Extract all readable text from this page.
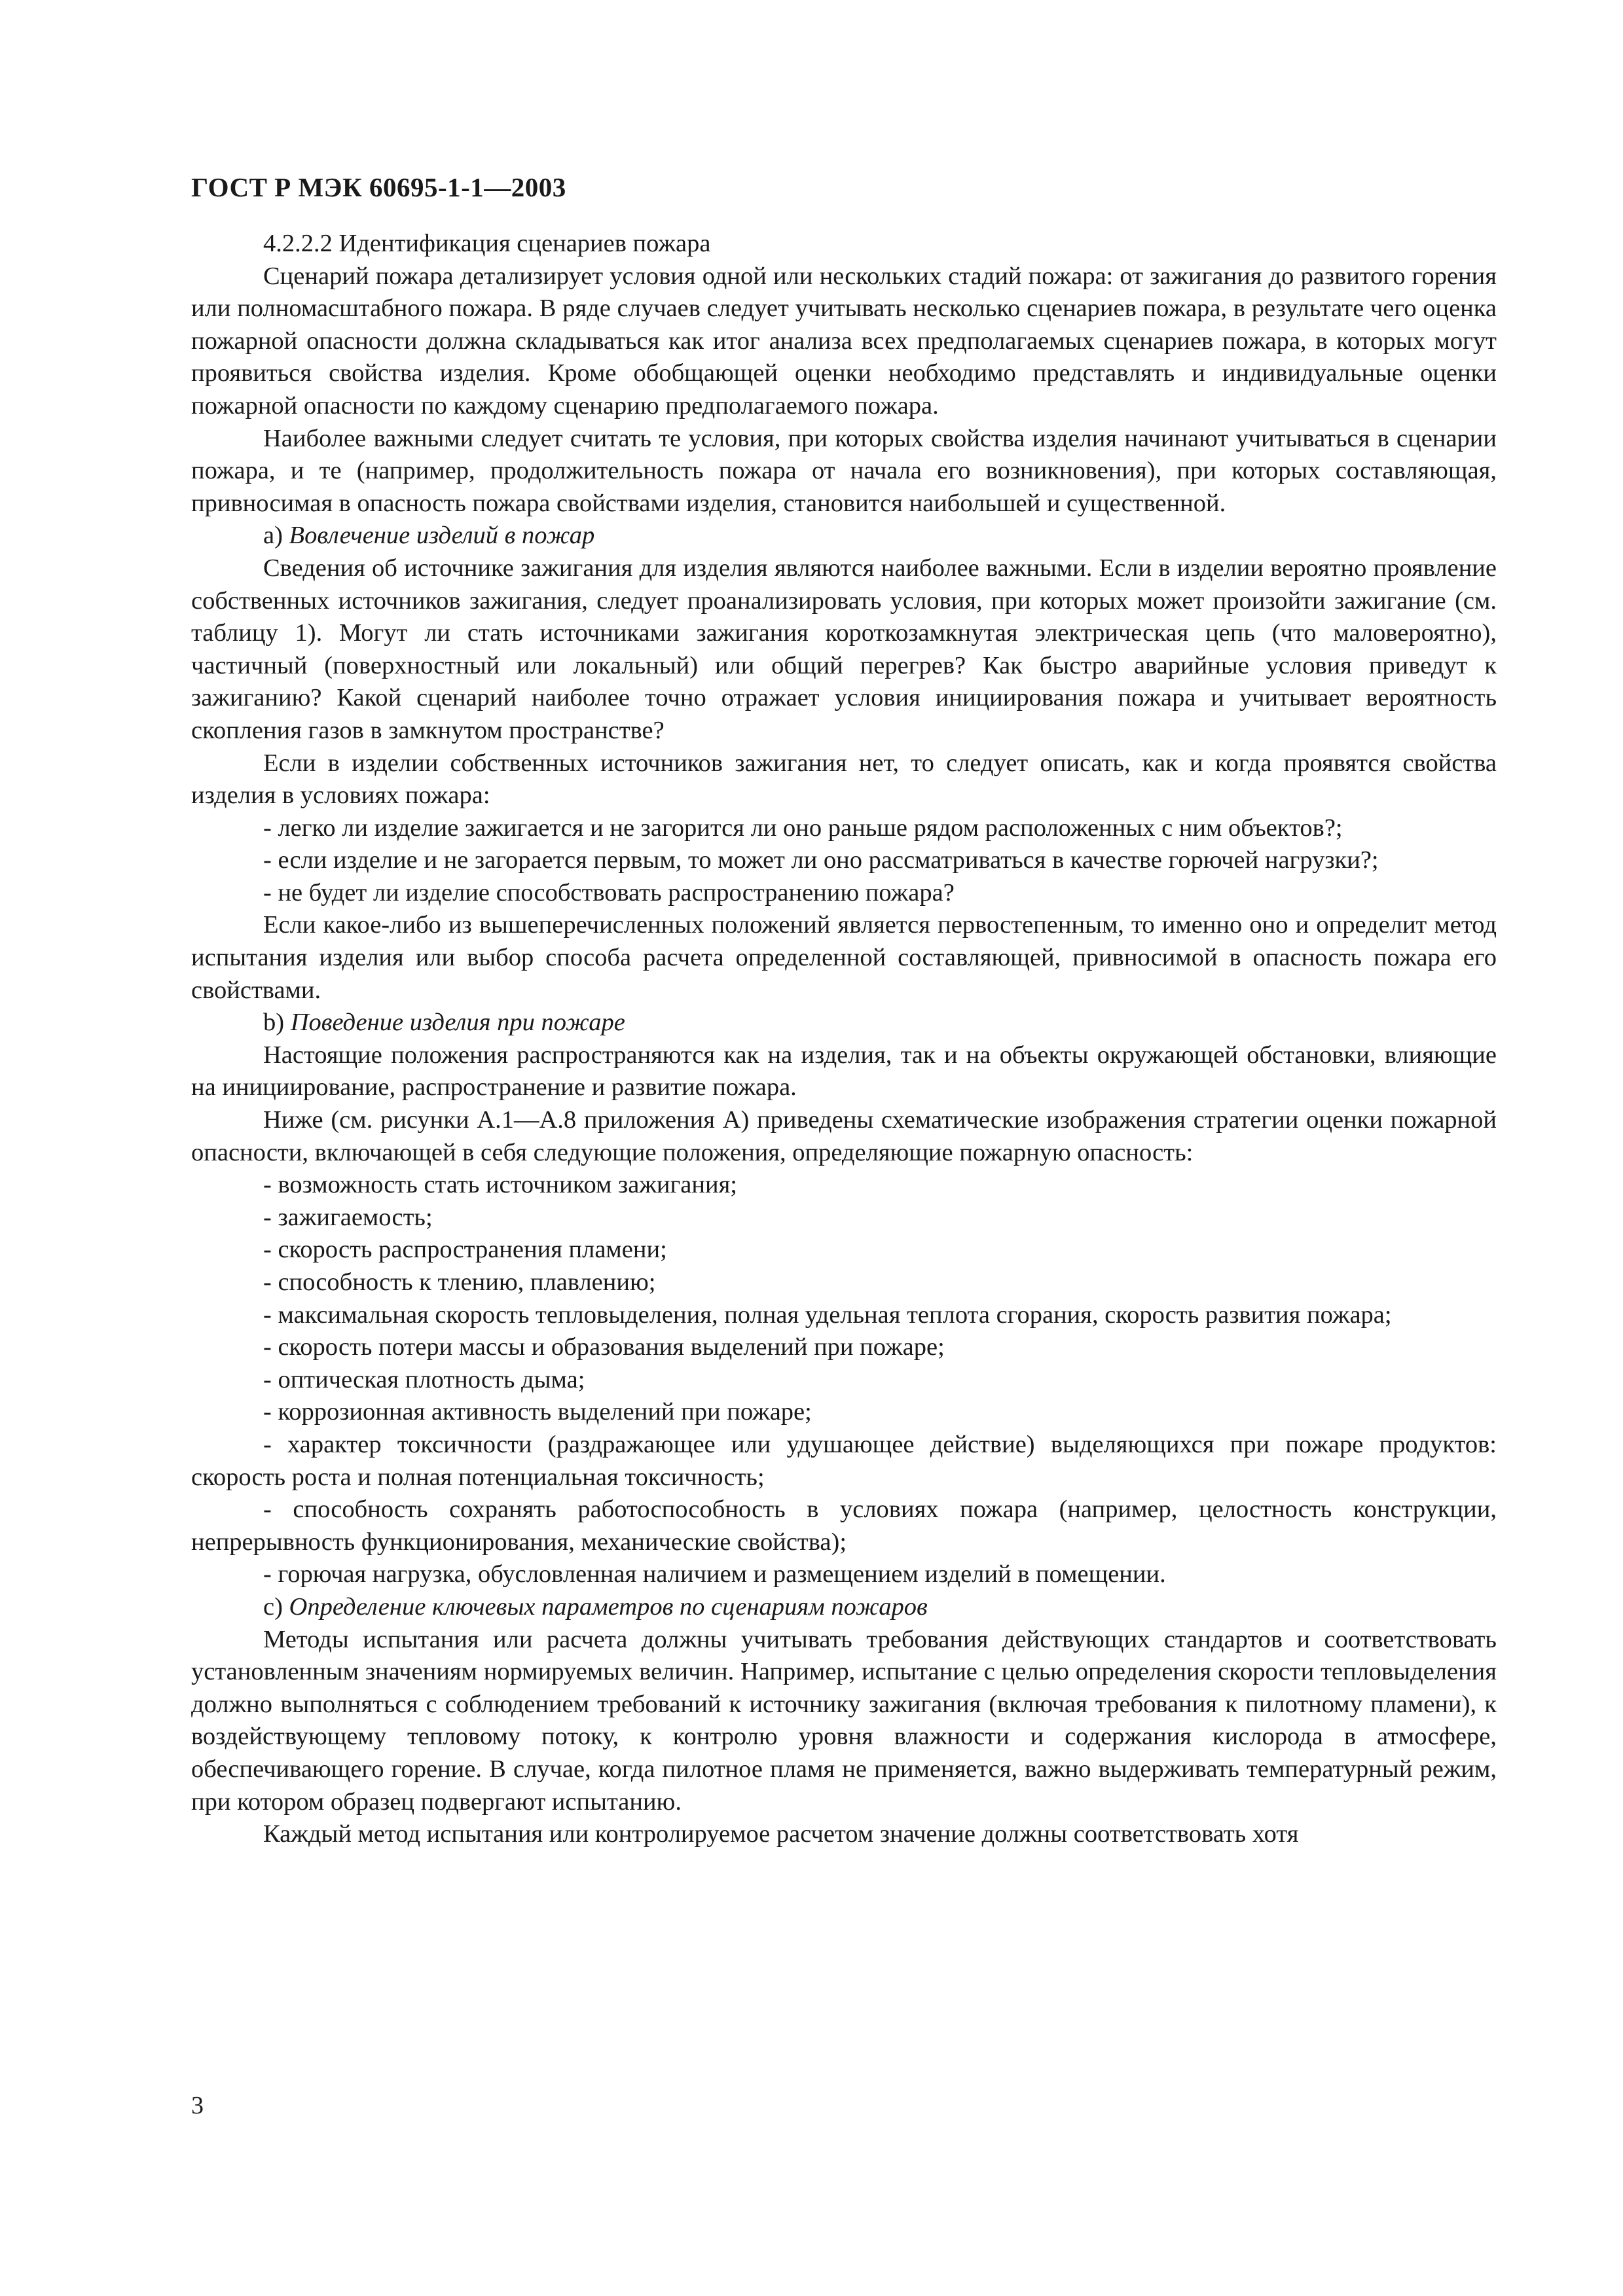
ГОСТ Р МЭК 60695-1-1—2003

4.2.2.2 Идентификация сценариев пожара

Сценарий пожара детализирует условия одной или нескольких стадий пожара: от зажигания до развитого горения или полномасштабного пожара. В ряде случаев следует учитывать несколько сценариев пожара, в результате чего оценка пожарной опасности должна складываться как итог анализа всех предполагаемых сценариев пожара, в которых могут проявиться свойства изделия. Кроме обобщающей оценки необходимо представлять и индивидуальные оценки пожарной опасности по каждому сценарию предполагаемого пожара.

Наиболее важными следует считать те условия, при которых свойства изделия начинают учитываться в сценарии пожара, и те (например, продолжительность пожара от начала его возникновения), при которых составляющая, привносимая в опасность пожара свойствами изделия, становится наибольшей и существенной.

а) Вовлечение изделий в пожар

Сведения об источнике зажигания для изделия являются наиболее важными. Если в изделии вероятно проявление собственных источников зажигания, следует проанализировать условия, при которых может произойти зажигание (см. таблицу 1). Могут ли стать источниками зажигания короткозамкнутая электрическая цепь (что маловероятно), частичный (поверхностный или локальный) или общий перегрев? Как быстро аварийные условия приведут к зажиганию? Какой сценарий наиболее точно отражает условия инициирования пожара и учитывает вероятность скопления газов в замкнутом пространстве?

Если в изделии собственных источников зажигания нет, то следует описать, как и когда проявятся свойства изделия в условиях пожара:

- легко ли изделие зажигается и не загорится ли оно раньше рядом расположенных с ним объектов?;

- если изделие и не загорается первым, то может ли оно рассматриваться в качестве горючей нагрузки?;

- не будет ли изделие способствовать распространению пожара?

Если какое-либо из вышеперечисленных положений является первостепенным, то именно оно и определит метод испытания изделия или выбор способа расчета определенной составляющей, привносимой в опасность пожара его свойствами.

b) Поведение изделия при пожаре

Настоящие положения распространяются как на изделия, так и на объекты окружающей обстановки, влияющие на инициирование, распространение и развитие пожара.

Ниже (см. рисунки А.1—А.8 приложения А) приведены схематические изображения стратегии оценки пожарной опасности, включающей в себя следующие положения, определяющие пожарную опасность:

- возможность стать источником зажигания;

- зажигаемость;

- скорость распространения пламени;

- способность к тлению, плавлению;

- максимальная скорость тепловыделения, полная удельная теплота сгорания, скорость развития пожара;

- скорость потери массы и образования выделений при пожаре;

- оптическая плотность дыма;

- коррозионная активность выделений при пожаре;

- характер токсичности (раздражающее или удушающее действие) выделяющихся при пожаре продуктов: скорость роста и полная потенциальная токсичность;

- способность сохранять работоспособность в условиях пожара (например, целостность конструкции, непрерывность функционирования, механические свойства);

- горючая нагрузка, обусловленная наличием и размещением изделий в помещении.

с) Определение ключевых параметров по сценариям пожаров

Методы испытания или расчета должны учитывать требования действующих стандартов и соответствовать установленным значениям нормируемых величин. Например, испытание с целью определения скорости тепловыделения должно выполняться с соблюдением требований к источнику зажигания (включая требования к пилотному пламени), к воздействующему тепловому потоку, к контролю уровня влажности и содержания кислорода в атмосфере, обеспечивающего горение. В случае, когда пилотное пламя не применяется, важно выдерживать температурный режим, при котором образец подвергают испытанию.

Каждый метод испытания или контролируемое расчетом значение должны соответствовать хотя

3
